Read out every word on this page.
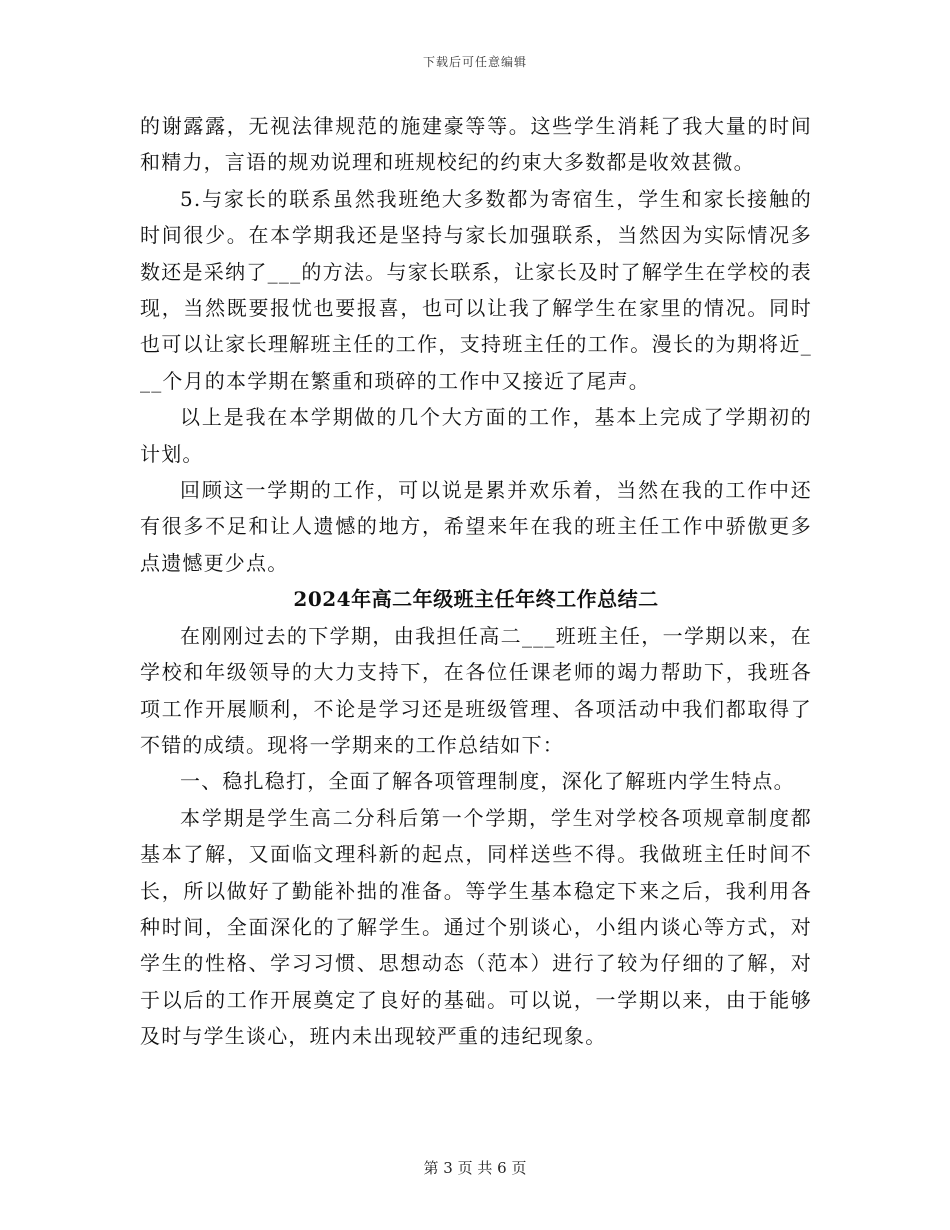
下载后可任意编辑

的谢露露，无视法律规范的施建豪等等。这些学生消耗了我大量的时间和精力，言语的规劝说理和班规校纪的约束大多数都是收效甚微。

5.与家长的联系虽然我班绝大多数都为寄宿生，学生和家长接触的时间很少。在本学期我还是坚持与家长加强联系，当然因为实际情况多数还是采纳了___的方法。与家长联系，让家长及时了解学生在学校的表现，当然既要报忧也要报喜，也可以让我了解学生在家里的情况。同时也可以让家长理解班主任的工作，支持班主任的工作。漫长的为期将近___个月的本学期在繁重和琐碎的工作中又接近了尾声。

以上是我在本学期做的几个大方面的工作，基本上完成了学期初的计划。

回顾这一学期的工作，可以说是累并欢乐着，当然在我的工作中还有很多不足和让人遗憾的地方，希望来年在我的班主任工作中骄傲更多点遗憾更少点。

2024年高二年级班主任年终工作总结二

在刚刚过去的下学期，由我担任高二___班班主任，一学期以来，在学校和年级领导的大力支持下，在各位任课老师的竭力帮助下，我班各项工作开展顺利，不论是学习还是班级管理、各项活动中我们都取得了不错的成绩。现将一学期来的工作总结如下：

一、稳扎稳打，全面了解各项管理制度，深化了解班内学生特点。

本学期是学生高二分科后第一个学期，学生对学校各项规章制度都基本了解，又面临文理科新的起点，同样送些不得。我做班主任时间不长，所以做好了勤能补拙的准备。等学生基本稳定下来之后，我利用各种时间，全面深化的了解学生。通过个别谈心，小组内谈心等方式，对学生的性格、学习习惯、思想动态（范本）进行了较为仔细的了解，对于以后的工作开展奠定了良好的基础。可以说，一学期以来，由于能够及时与学生谈心，班内未出现较严重的违纪现象。

第 3 页 共 6 页
